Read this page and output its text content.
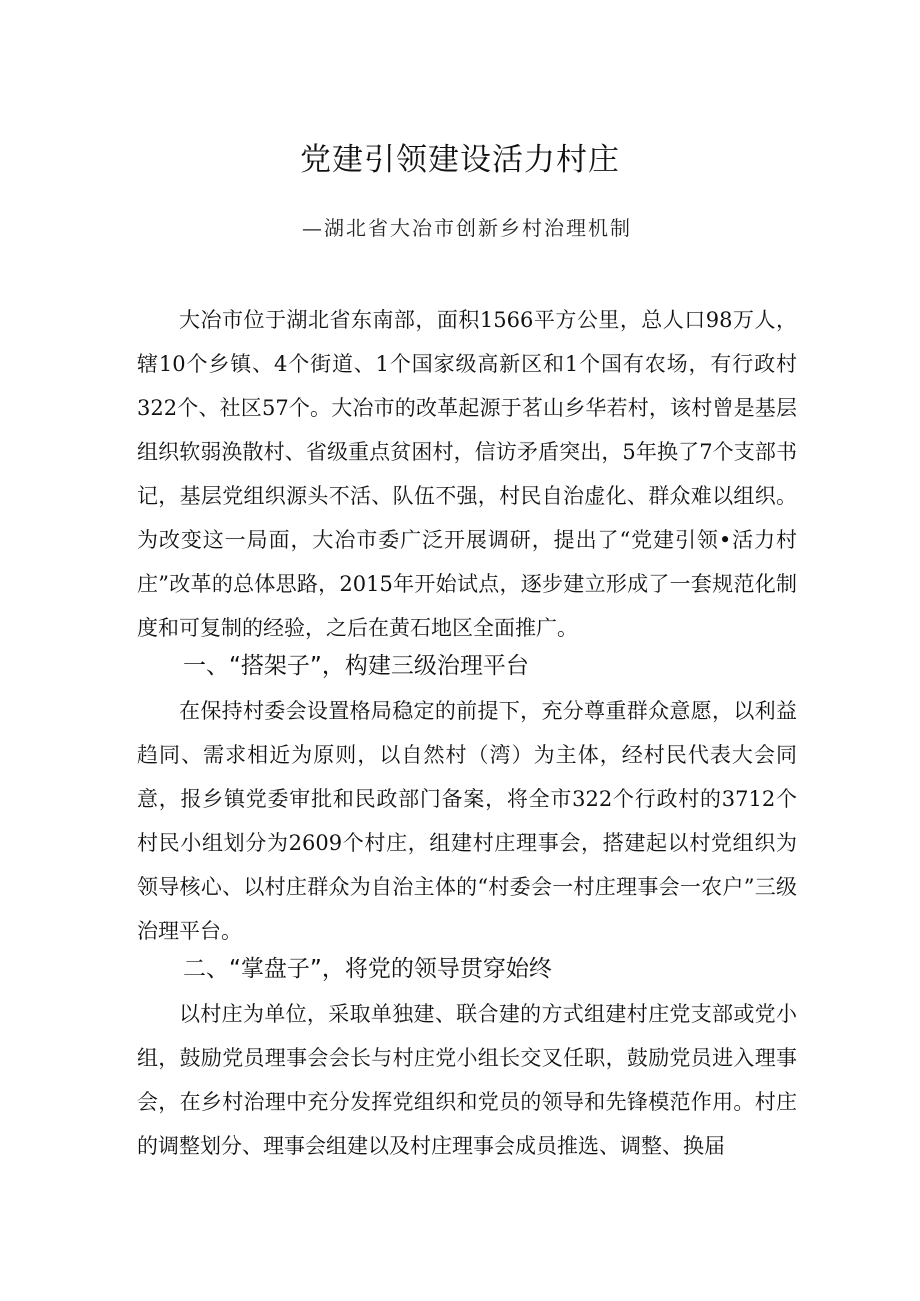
党建引领建设活力村庄
—湖北省大冶市创新乡村治理机制

大冶市位于湖北省东南部，面积1566平方公里，总人口98万人，辖10个乡镇、4个街道、1个国家级高新区和1个国有农场，有行政村322个、社区57个。大冶市的改革起源于茗山乡华若村，该村曾是基层组织软弱涣散村、省级重点贫困村，信访矛盾突出，5年换了7个支部书记，基层党组织源头不活、队伍不强，村民自治虚化、群众难以组织。为改变这一局面，大冶市委广泛开展调研，提出了“党建引领•活力村庄”改革的总体思路，2015年开始试点，逐步建立形成了一套规范化制度和可复制的经验，之后在黄石地区全面推广。

一、“搭架子”，构建三级治理平台

在保持村委会设置格局稳定的前提下，充分尊重群众意愿，以利益趋同、需求相近为原则，以自然村（湾）为主体，经村民代表大会同意，报乡镇党委审批和民政部门备案，将全市322个行政村的3712个村民小组划分为2609个村庄，组建村庄理事会，搭建起以村党组织为领导核心、以村庄群众为自治主体的“村委会一村庄理事会一农户”三级治理平台。

二、“掌盘子”，将党的领导贯穿始终

以村庄为单位，采取单独建、联合建的方式组建村庄党支部或党小组，鼓励党员理事会会长与村庄党小组长交叉任职，鼓励党员进入理事会，在乡村治理中充分发挥党组织和党员的领导和先锋模范作用。村庄的调整划分、理事会组建以及村庄理事会成员推选、调整、换届
